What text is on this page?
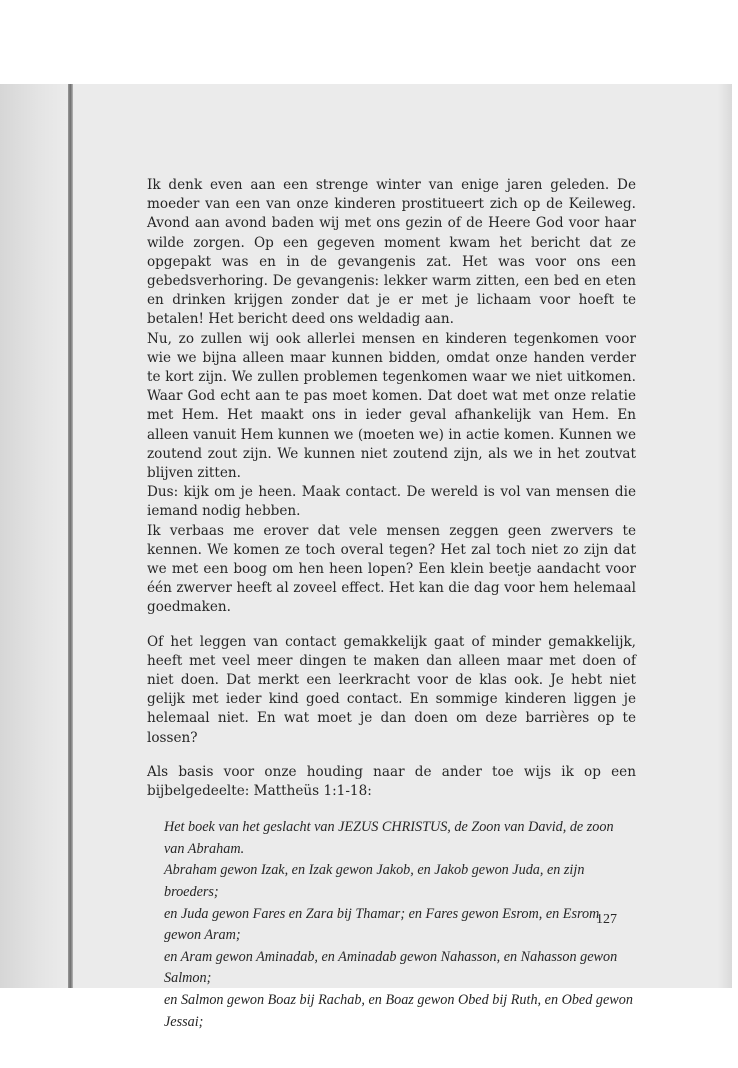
Ik denk even aan een strenge winter van enige jaren geleden. De moeder van een van onze kinderen prostitueert zich op de Keileweg. Avond aan avond baden wij met ons gezin of de Heere God voor haar wilde zorgen. Op een gegeven moment kwam het bericht dat ze opgepakt was en in de gevangenis zat. Het was voor ons een gebedsverhoring. De gevangenis: lekker warm zitten, een bed en eten en drinken krijgen zonder dat je er met je lichaam voor hoeft te betalen! Het bericht deed ons weldadig aan.

Nu, zo zullen wij ook allerlei mensen en kinderen tegenkomen voor wie we bijna alleen maar kunnen bidden, omdat onze handen verder te kort zijn. We zullen problemen tegenkomen waar we niet uitkomen. Waar God echt aan te pas moet komen. Dat doet wat met onze relatie met Hem. Het maakt ons in ieder geval afhankelijk van Hem. En alleen vanuit Hem kunnen we (moeten we) in actie komen. Kunnen we zoutend zout zijn. We kunnen niet zoutend zijn, als we in het zoutvat blijven zitten.

Dus: kijk om je heen. Maak contact. De wereld is vol van mensen die iemand nodig hebben.

Ik verbaas me erover dat vele mensen zeggen geen zwervers te kennen. We komen ze toch overal tegen? Het zal toch niet zo zijn dat we met een boog om hen heen lopen? Een klein beetje aandacht voor één zwerver heeft al zoveel effect. Het kan die dag voor hem helemaal goedmaken.

Of het leggen van contact gemakkelijk gaat of minder gemakkelijk, heeft met veel meer dingen te maken dan alleen maar met doen of niet doen. Dat merkt een leerkracht voor de klas ook. Je hebt niet gelijk met ieder kind goed contact. En sommige kinderen liggen je helemaal niet. En wat moet je dan doen om deze barrières op te lossen?

Als basis voor onze houding naar de ander toe wijs ik op een bijbelgedeelte: Mattheüs 1:1-18:

Het boek van het geslacht van JEZUS CHRISTUS, de Zoon van David, de zoon van Abraham.

Abraham gewon Izak, en Izak gewon Jakob, en Jakob gewon Juda, en zijn broeders;

en Juda gewon Fares en Zara bij Thamar; en Fares gewon Esrom, en Esrom gewon Aram;

en Aram gewon Aminadab, en Aminadab gewon Nahasson, en Nahasson gewon Salmon;

en Salmon gewon Boaz bij Rachab, en Boaz gewon Obed bij Ruth, en Obed gewon Jessai;

127
